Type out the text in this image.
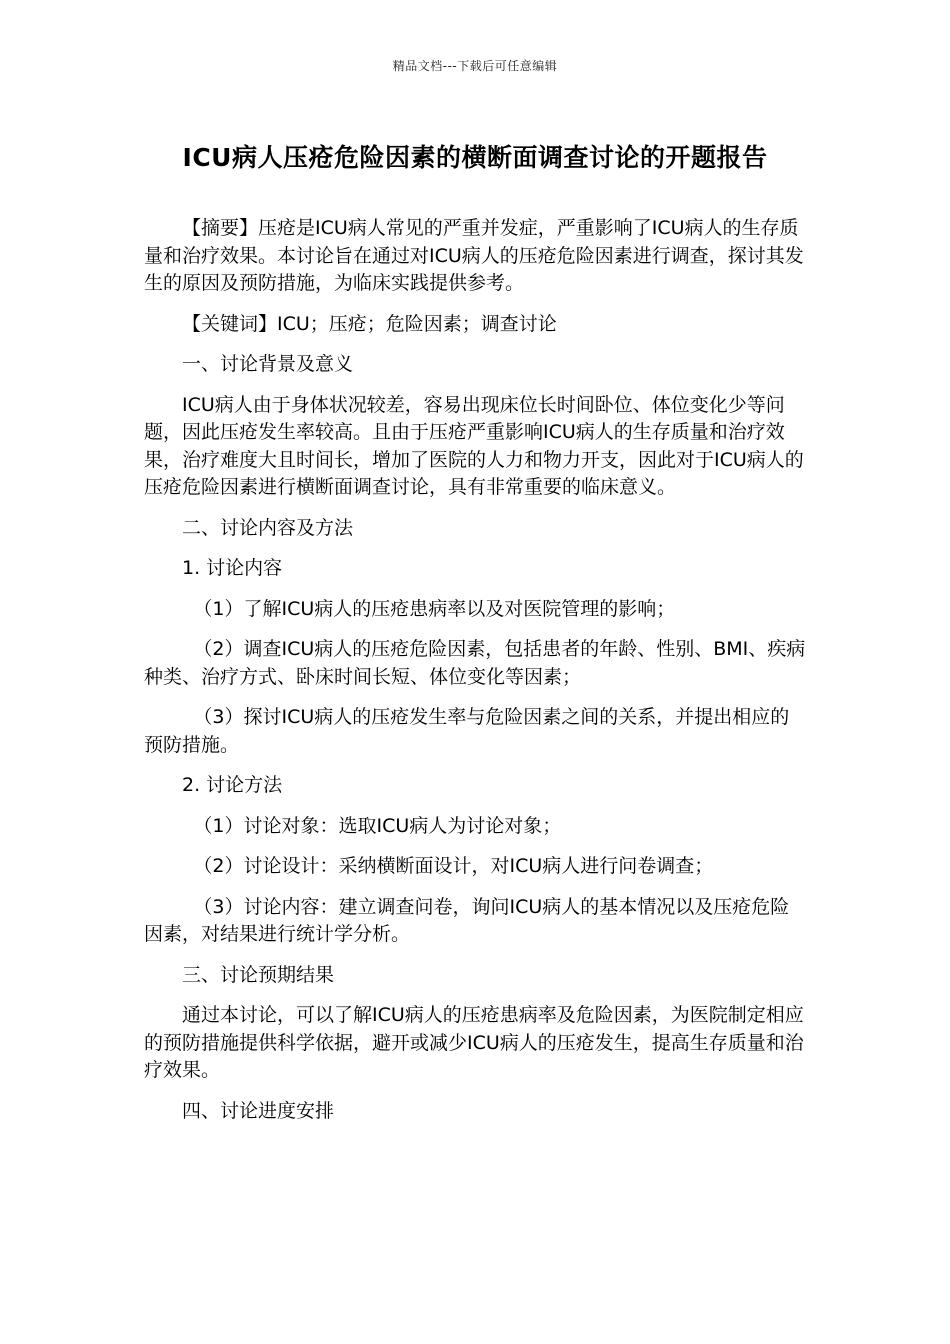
精品文档---下载后可任意编辑
ICU病人压疮危险因素的横断面调查讨论的开题报告

【摘要】压疮是ICU病人常见的严重并发症，严重影响了ICU病人的生存质量和治疗效果。本讨论旨在通过对ICU病人的压疮危险因素进行调查，探讨其发生的原因及预防措施，为临床实践提供参考。

【关键词】ICU；压疮；危险因素；调查讨论

一、讨论背景及意义

ICU病人由于身体状况较差，容易出现床位长时间卧位、体位变化少等问题，因此压疮发生率较高。且由于压疮严重影响ICU病人的生存质量和治疗效果，治疗难度大且时间长，增加了医院的人力和物力开支，因此对于ICU病人的压疮危险因素进行横断面调查讨论，具有非常重要的临床意义。

二、讨论内容及方法

1. 讨论内容

（1）了解ICU病人的压疮患病率以及对医院管理的影响；

（2）调查ICU病人的压疮危险因素，包括患者的年龄、性别、BMI、疾病种类、治疗方式、卧床时间长短、体位变化等因素；

（3）探讨ICU病人的压疮发生率与危险因素之间的关系，并提出相应的预防措施。

2. 讨论方法

（1）讨论对象：选取ICU病人为讨论对象；

（2）讨论设计：采纳横断面设计，对ICU病人进行问卷调查；

（3）讨论内容：建立调查问卷，询问ICU病人的基本情况以及压疮危险因素，对结果进行统计学分析。

三、讨论预期结果

通过本讨论，可以了解ICU病人的压疮患病率及危险因素，为医院制定相应的预防措施提供科学依据，避开或减少ICU病人的压疮发生，提高生存质量和治疗效果。

四、讨论进度安排
